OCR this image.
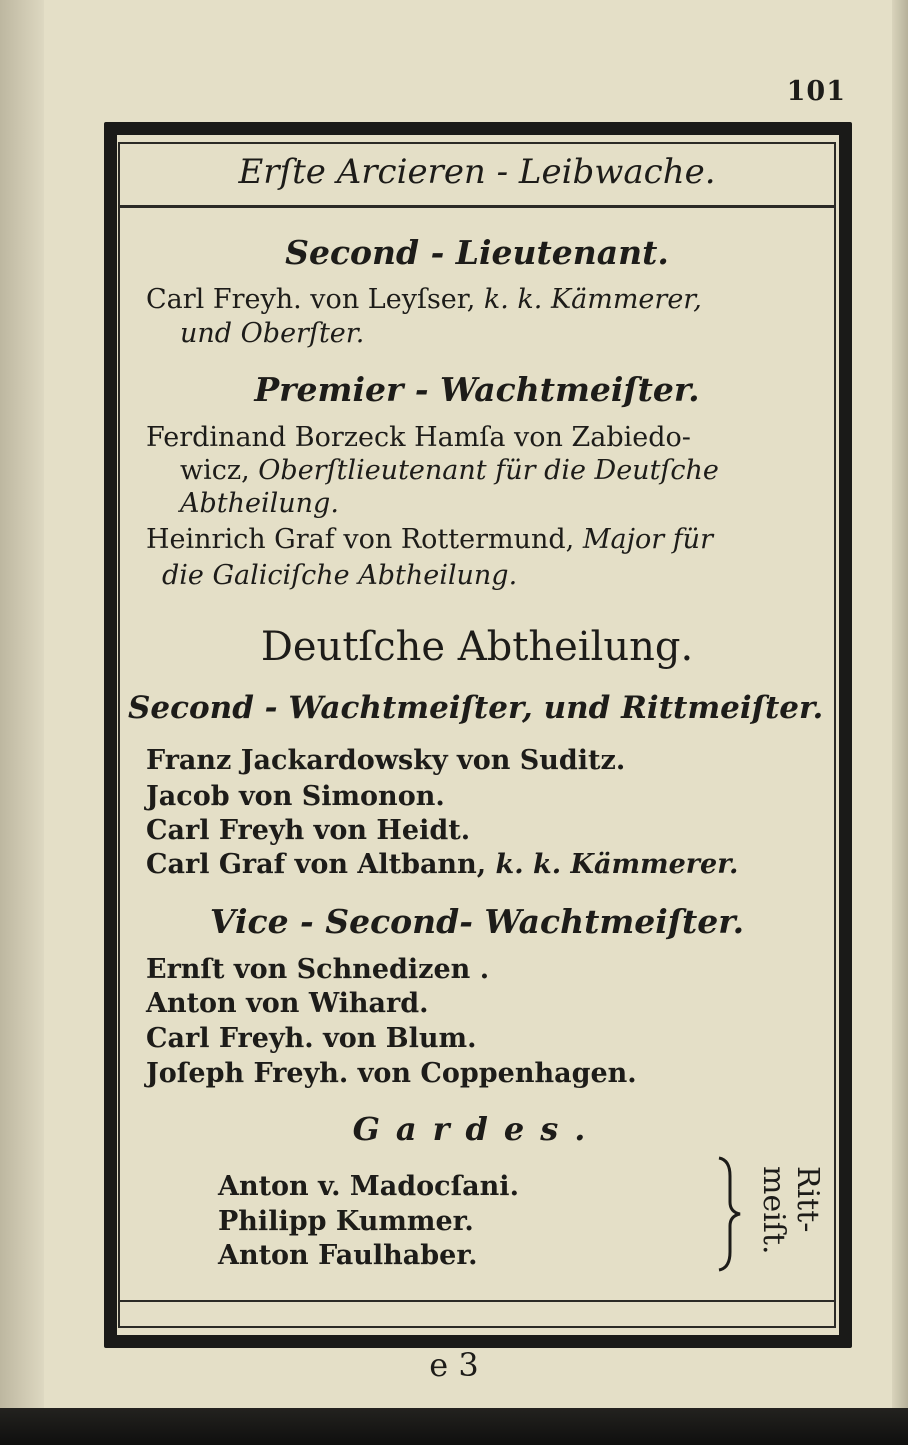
101
Erſte Arcieren - Leibwache.
Second - Lieutenant.
Carl Freyh. von Leyſser, k. k. Kämmerer,
und Oberſter.
Premier - Wachtmeiſter.
Ferdinand Borzeck Hamſa von Zabiedo-
wicz, Oberſtlieutenant für die Deutſche
Abtheilung.
Heinrich Graf von Rottermund, Major für
die Galiciſche Abtheilung.
Deutſche Abtheilung.
Second - Wachtmeiſter, und Rittmeiſter.
Franz Jackardowsky von Suditz.
Jacob von Simonon.
Carl Freyh von Heidt.
Carl Graf von Altbann, k. k. Kämmerer.
Vice - Second- Wachtmeiſter.
Ernſt von Schnedizen .
Anton von Wihard.
Carl Freyh. von Blum.
Joſeph Freyh. von Coppenhagen.
Gardes.
Anton v. Madocſani.
Philipp Kummer.
Anton Faulhaber.
Ritt-meiſt.
e 3
